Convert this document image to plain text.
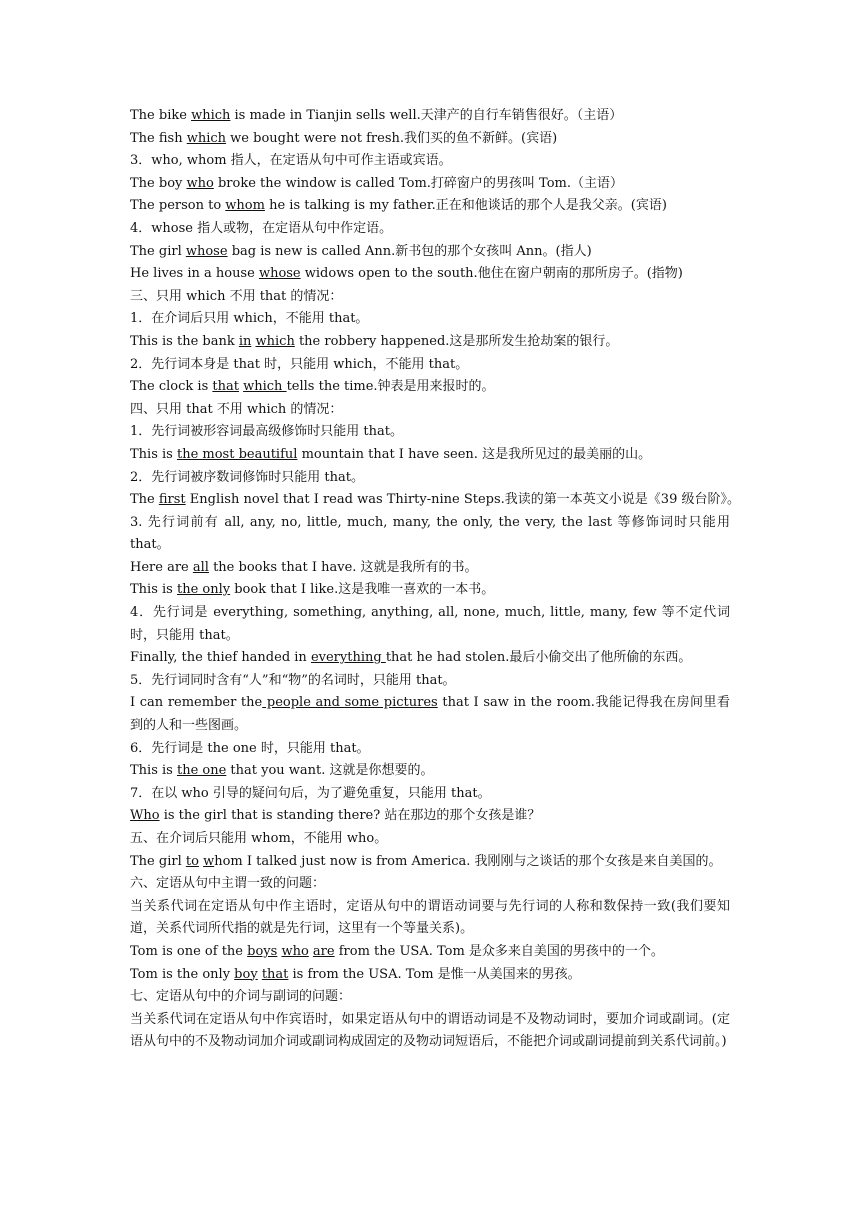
The bike which is made in Tianjin sells well.天津产的自行车销售很好。（主语）
The fish which we bought were not fresh.我们买的鱼不新鲜。(宾语)
3．who, whom 指人，在定语从句中可作主语或宾语。
The boy who broke the window is called Tom.打碎窗户的男孩叫 Tom.（主语）
The person to whom he is talking is my father.正在和他谈话的那个人是我父亲。(宾语)
4．whose 指人或物，在定语从句中作定语。
The girl whose bag is new is called Ann.新书包的那个女孩叫 Ann。(指人)
He lives in a house whose widows open to the south.他住在窗户朝南的那所房子。(指物)
三、只用 which 不用 that 的情况：
1．在介词后只用 which，不能用 that。
This is the bank in which the robbery happened.这是那所发生抢劫案的银行。
2．先行词本身是 that 时，只能用 which，不能用 that。
The clock is that which tells the time.钟表是用来报时的。
四、只用 that 不用 which 的情况：
1．先行词被形容词最高级修饰时只能用 that。
This is the most beautiful mountain that I have seen. 这是我所见过的最美丽的山。
2．先行词被序数词修饰时只能用 that。
The first English novel that I read was Thirty-nine Steps.我读的第一本英文小说是《39 级台阶》。
3. 先行词前有 all, any, no, little, much, many, the only, the very, the last 等修饰词时只能用 that。
Here are all the books that I have. 这就是我所有的书。
This is the only book that I like.这是我唯一喜欢的一本书。
4．先行词是 everything, something, anything, all, none, much, little, many, few 等不定代词时，只能用 that。
Finally, the thief handed in everything that he had stolen.最后小偷交出了他所偷的东西。
5．先行词同时含有“人”和“物”的名词时，只能用 that。
I can remember the people and some pictures that I saw in the room.我能记得我在房间里看到的人和一些图画。
6．先行词是 the one 时，只能用 that。
This is the one that you want. 这就是你想要的。
7．在以 who 引导的疑问句后，为了避免重复，只能用 that。
Who is the girl that is standing there? 站在那边的那个女孩是谁？
五、在介词后只能用 whom，不能用 who。
The girl to whom I talked just now is from America. 我刚刚与之谈话的那个女孩是来自美国的。
六、定语从句中主谓一致的问题：
当关系代词在定语从句中作主语时，定语从句中的谓语动词要与先行词的人称和数保持一致(我们要知道，关系代词所代指的就是先行词，这里有一个等量关系)。
Tom is one of the boys who are from the USA. Tom 是众多来自美国的男孩中的一个。
Tom is the only boy that is from the USA. Tom 是惟一从美国来的男孩。
七、定语从句中的介词与副词的问题：
当关系代词在定语从句中作宾语时，如果定语从句中的谓语动词是不及物动词时，要加介词或副词。(定语从句中的不及物动词加介词或副词构成固定的及物动词短语后，不能把介词或副词提前到关系代词前。)
